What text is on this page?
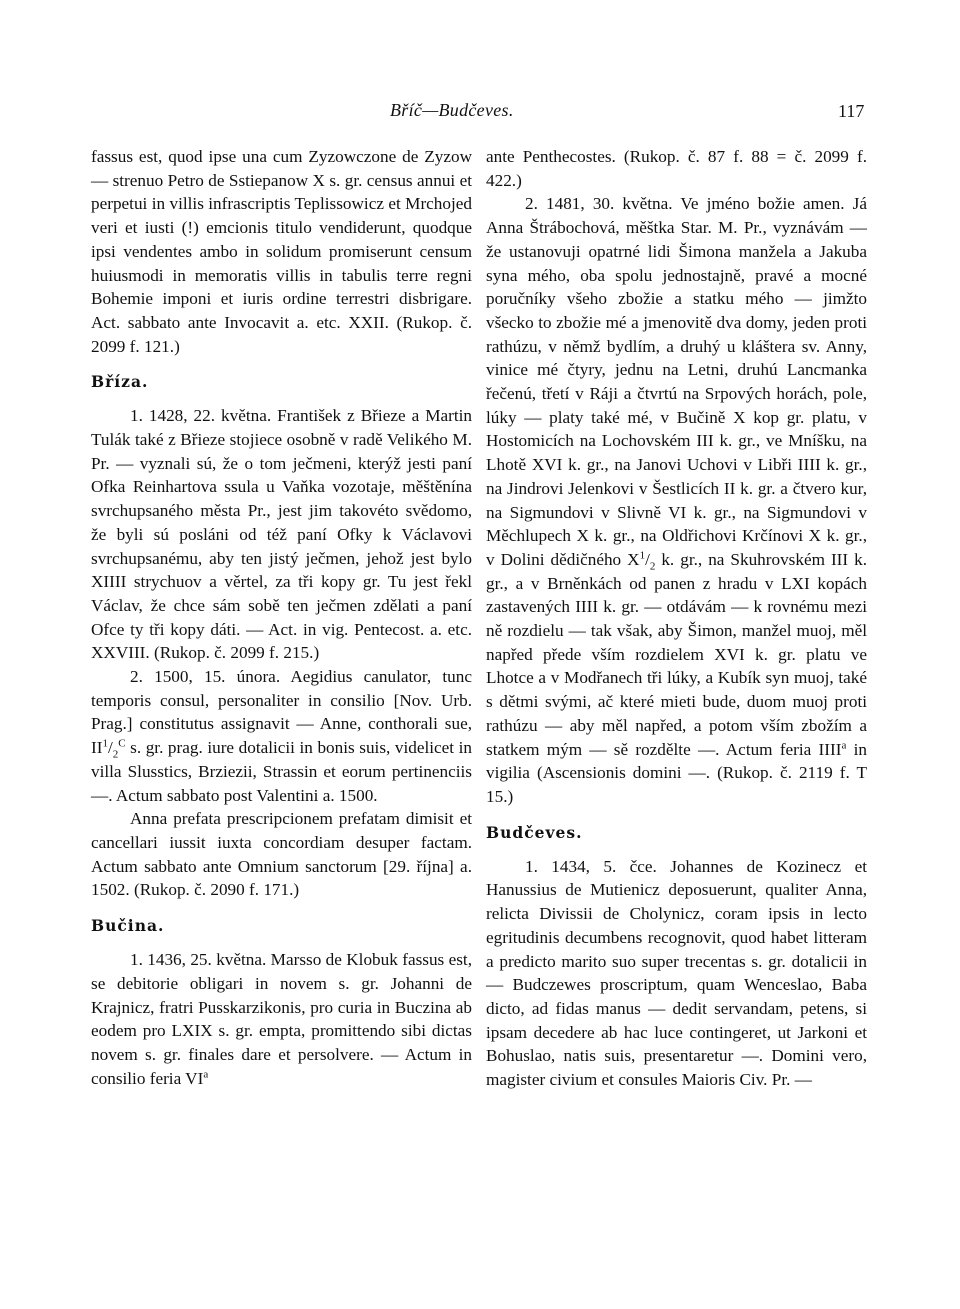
Bříč—Budčeves.	117

fassus est, quod ipse una cum Zyzowczone de Zyzow — strenuo Petro de Sstiepanow X s. gr. census annui et perpetui in villis infrascriptis Teplissowicz et Mrchojed veri et iusti (!) emcionis titulo vendiderunt, quodque ipsi vendentes ambo in solidum promiserunt censum huiusmodi in memoratis villis in tabulis terre regni Bohemie imponi et iuris ordine terrestri disbrigare. Act. sabbato ante Invocavit a. etc. XXII. (Rukop. č. 2099 f. 121.)

Bříza.

1. 1428, 22. května. František z Břieze a Martin Tulák také z Břieze stojiece osobně v radě Velikého M. Pr. — vyznali sú, že o tom ječmeni, kterýž jesti paní Ofka Reinhartova ssula u Vaňka vozotaje, měštěnína svrchupsaného města Pr., jest jim takovéto svědomo, že byli sú posláni od též paní Ofky k Václavovi svrchupsanému, aby ten jistý ječmen, jehož jest bylo XIIII strychuov a věrtel, za tři kopy gr. Tu jest řekl Václav, že chce sám sobě ten ječmen zdělati a paní Ofce ty tři kopy dáti. — Act. in vig. Pentecost. a. etc. XXVIII. (Rukop. č. 2099 f. 215.)

2. 1500, 15. února. Aegidius canulator, tunc temporis consul, personaliter in consilio [Nov. Urb. Prag.] constitutus assignavit — Anne, conthorali sue, $II^1/_2^C$ s. gr. prag. iure dotalicii in bonis suis, videlicet in villa Slusstics, Brziezii, Strassin et eorum pertinenciis —. Actum sabbato post Valentini a. 1500.

Anna prefata prescripcionem prefatam dimisit et cancellari iussit iuxta concordiam desuper factam. Actum sabbato ante Omnium sanctorum [29. října] a. 1502. (Rukop. č. 2090 f. 171.)

Bučina.

1. 1436, 25. května. Marsso de Klobuk fassus est, se debitorie obligari in novem s. gr. Johanni de Krajnicz, fratri Pusskarzikonis, pro curia in Buczina ab eodem pro LXIX s. gr. empta, promittendo sibi dictas novem s. gr. finales dare et persolvere. — Actum in consilio feria $VI^a$

ante Penthecostes. (Rukop. č. 87 f. 88 = č. 2099 f. 422.)

2. 1481, 30. května. Ve jméno božie amen. Já Anna Štrábochová, měštka Star. M. Pr., vyznávám — že ustanovuji opatrné lidi Šimona manžela a Jakuba syna mého, oba spolu jednostajně, pravé a mocné poručníky všeho zbožie a statku mého — jimžto všecko to zbožie mé a jmenovitě dva domy, jeden proti rathúzu, v němž bydlím, a druhý u kláštera sv. Anny, vinice mé čtyry, jednu na Letni, druhú Lancmanka řečenú, třetí v Ráji a čtvrtú na Srpových horách, pole, lúky — platy také mé, v Bučině X kop gr. platu, v Hostomicích na Lochovském III k. gr., ve Mníšku, na Lhotě XVI k. gr., na Janovi Uchovi v Libři IIII k. gr., na Jindrovi Jelenkovi v Šestlicích II k. gr. a čtvero kur, na Sigmundovi v Slivně VI k. gr., na Sigmundovi v Měchlupech X k. gr., na Oldřichovi Krčínovi X k. gr., v Dolini dědičného $X^1/_2$ k. gr., na Skuhrovském III k. gr., a v Brněnkách od panen z hradu v LXI kopách zastavených IIII k. gr. — otdávám — k rovnému mezi ně rozdielu — tak však, aby Šimon, manžel muoj, měl napřed přede vším rozdielem XVI k. gr. platu ve Lhotce a v Modřanech tři lúky, a Kubík syn muoj, také s dětmi svými, ač které mieti bude, duom muoj proti rathúzu — aby měl napřed, a potom vším zbožím a statkem mým — sě rozdělte —. Actum feria IIII$^a$ in vigilia (Ascensionis domini —. (Rukop. č. 2119 f. T 15.)

Budčeves.

1. 1434, 5. čce. Johannes de Kozinecz et Hanussius de Mutienicz deposuerunt, qualiter Anna, relicta Divissii de Cholynicz, coram ipsis in lecto egritudinis decumbens recognovit, quod habet litteram a predicto marito suo super trecentas s. gr. dotalicii in — Budczewes proscriptum, quam Wenceslao, Baba dicto, ad fidas manus — dedit servandam, petens, si ipsam decedere ab hac luce contingeret, ut Jarkoni et Bohuslao, natis suis, presentaretur —. Domini vero, magister civium et consules Maioris Civ. Pr. —
